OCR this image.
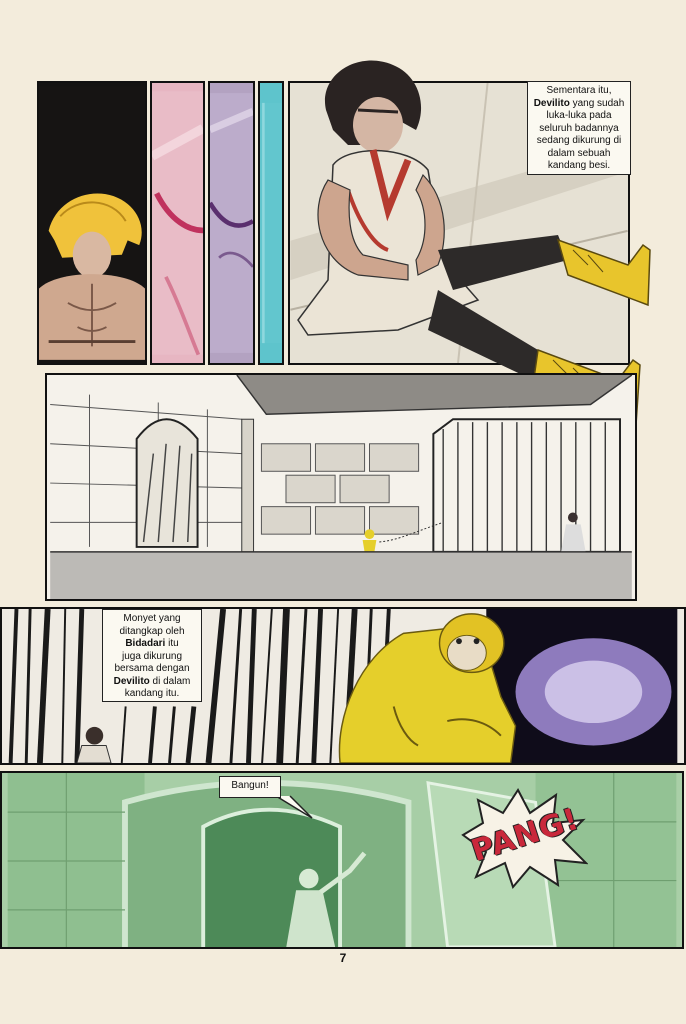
Sementara itu,
Devilito yang sudah
luka-luka pada
seluruh badannya
sedang dikurung di
dalam sebuah
kandang besi.
Monyet yang
ditangkap oleh
Bidadari itu
juga dikurung
bersama dengan
Devilito di dalam
kandang itu.
PANG!
Bangun!
7
